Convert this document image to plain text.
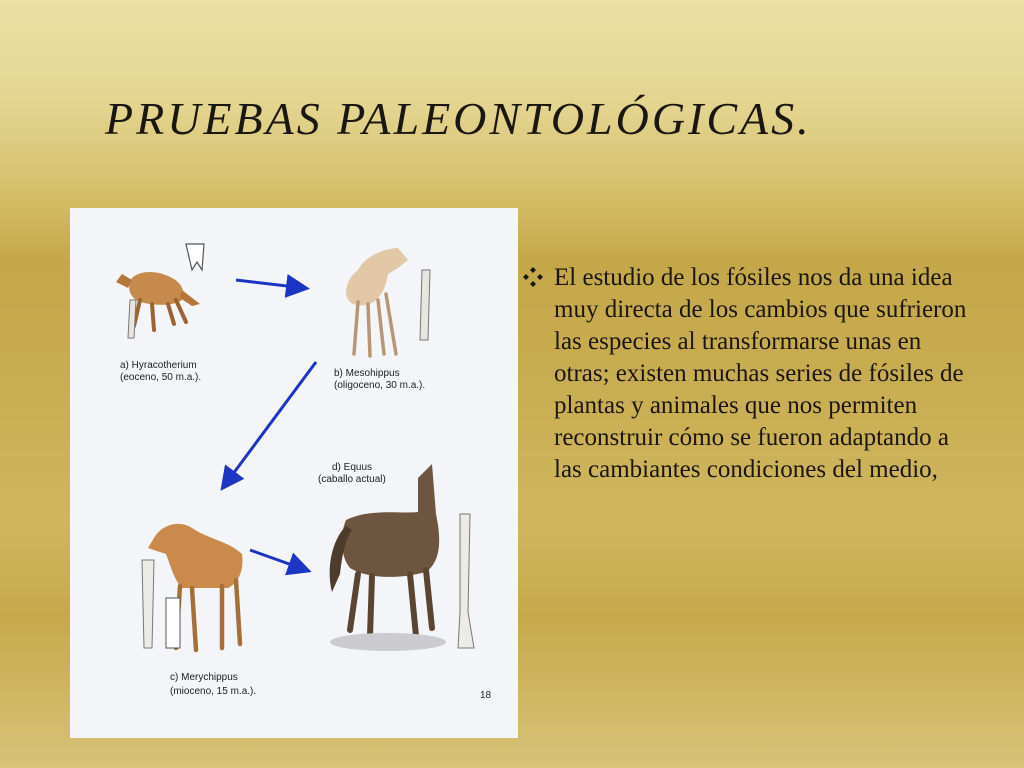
PRUEBAS PALEONTOLÓGICAS.
a) Hyracotherium
(eoceno, 50 m.a.).	b) Mesohippus
(oligoceno, 30 m.a.).
d) Equus
(caballo actual)
c) Merychippus
(mioceno, 15 m.a.).	18

El estudio de los fósiles nos da una idea muy directa de los cambios que sufrieron las especies al transformarse unas en otras; existen muchas series de fósiles de plantas y animales que nos permiten reconstruir cómo se fueron adaptando a las cambiantes condiciones del medio,
